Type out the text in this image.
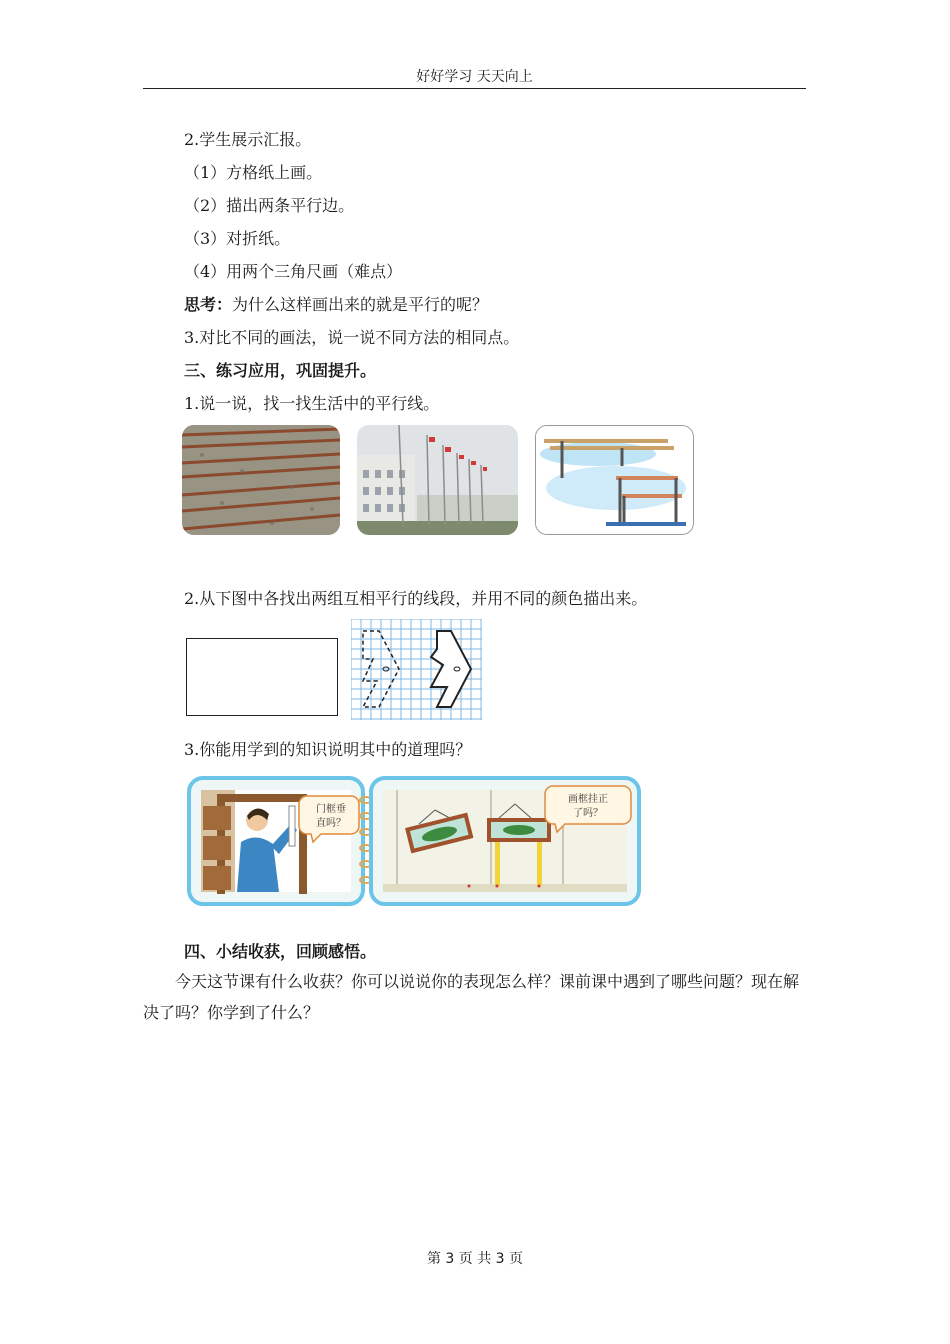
好好学习 天天向上
2.学生展示汇报。
（1）方格纸上画。
（2）描出两条平行边。
（3）对折纸。
（4）用两个三角尺画（难点）
思考：为什么这样画出来的就是平行的呢？
3.对比不同的画法，说一说不同方法的相同点。
三、练习应用，巩固提升。
1.说一说，找一找生活中的平行线。
2.从下图中各找出两组互相平行的线段，并用不同的颜色描出来。
3.你能用学到的知识说明其中的道理吗？
门框垂
直吗？
画框挂正
了吗？
四、小结收获，回顾感悟。
今天这节课有什么收获？你可以说说你的表现怎么样？课前课中遇到了哪些问题？现在解决了吗？你学到了什么？
第 3 页 共 3 页
